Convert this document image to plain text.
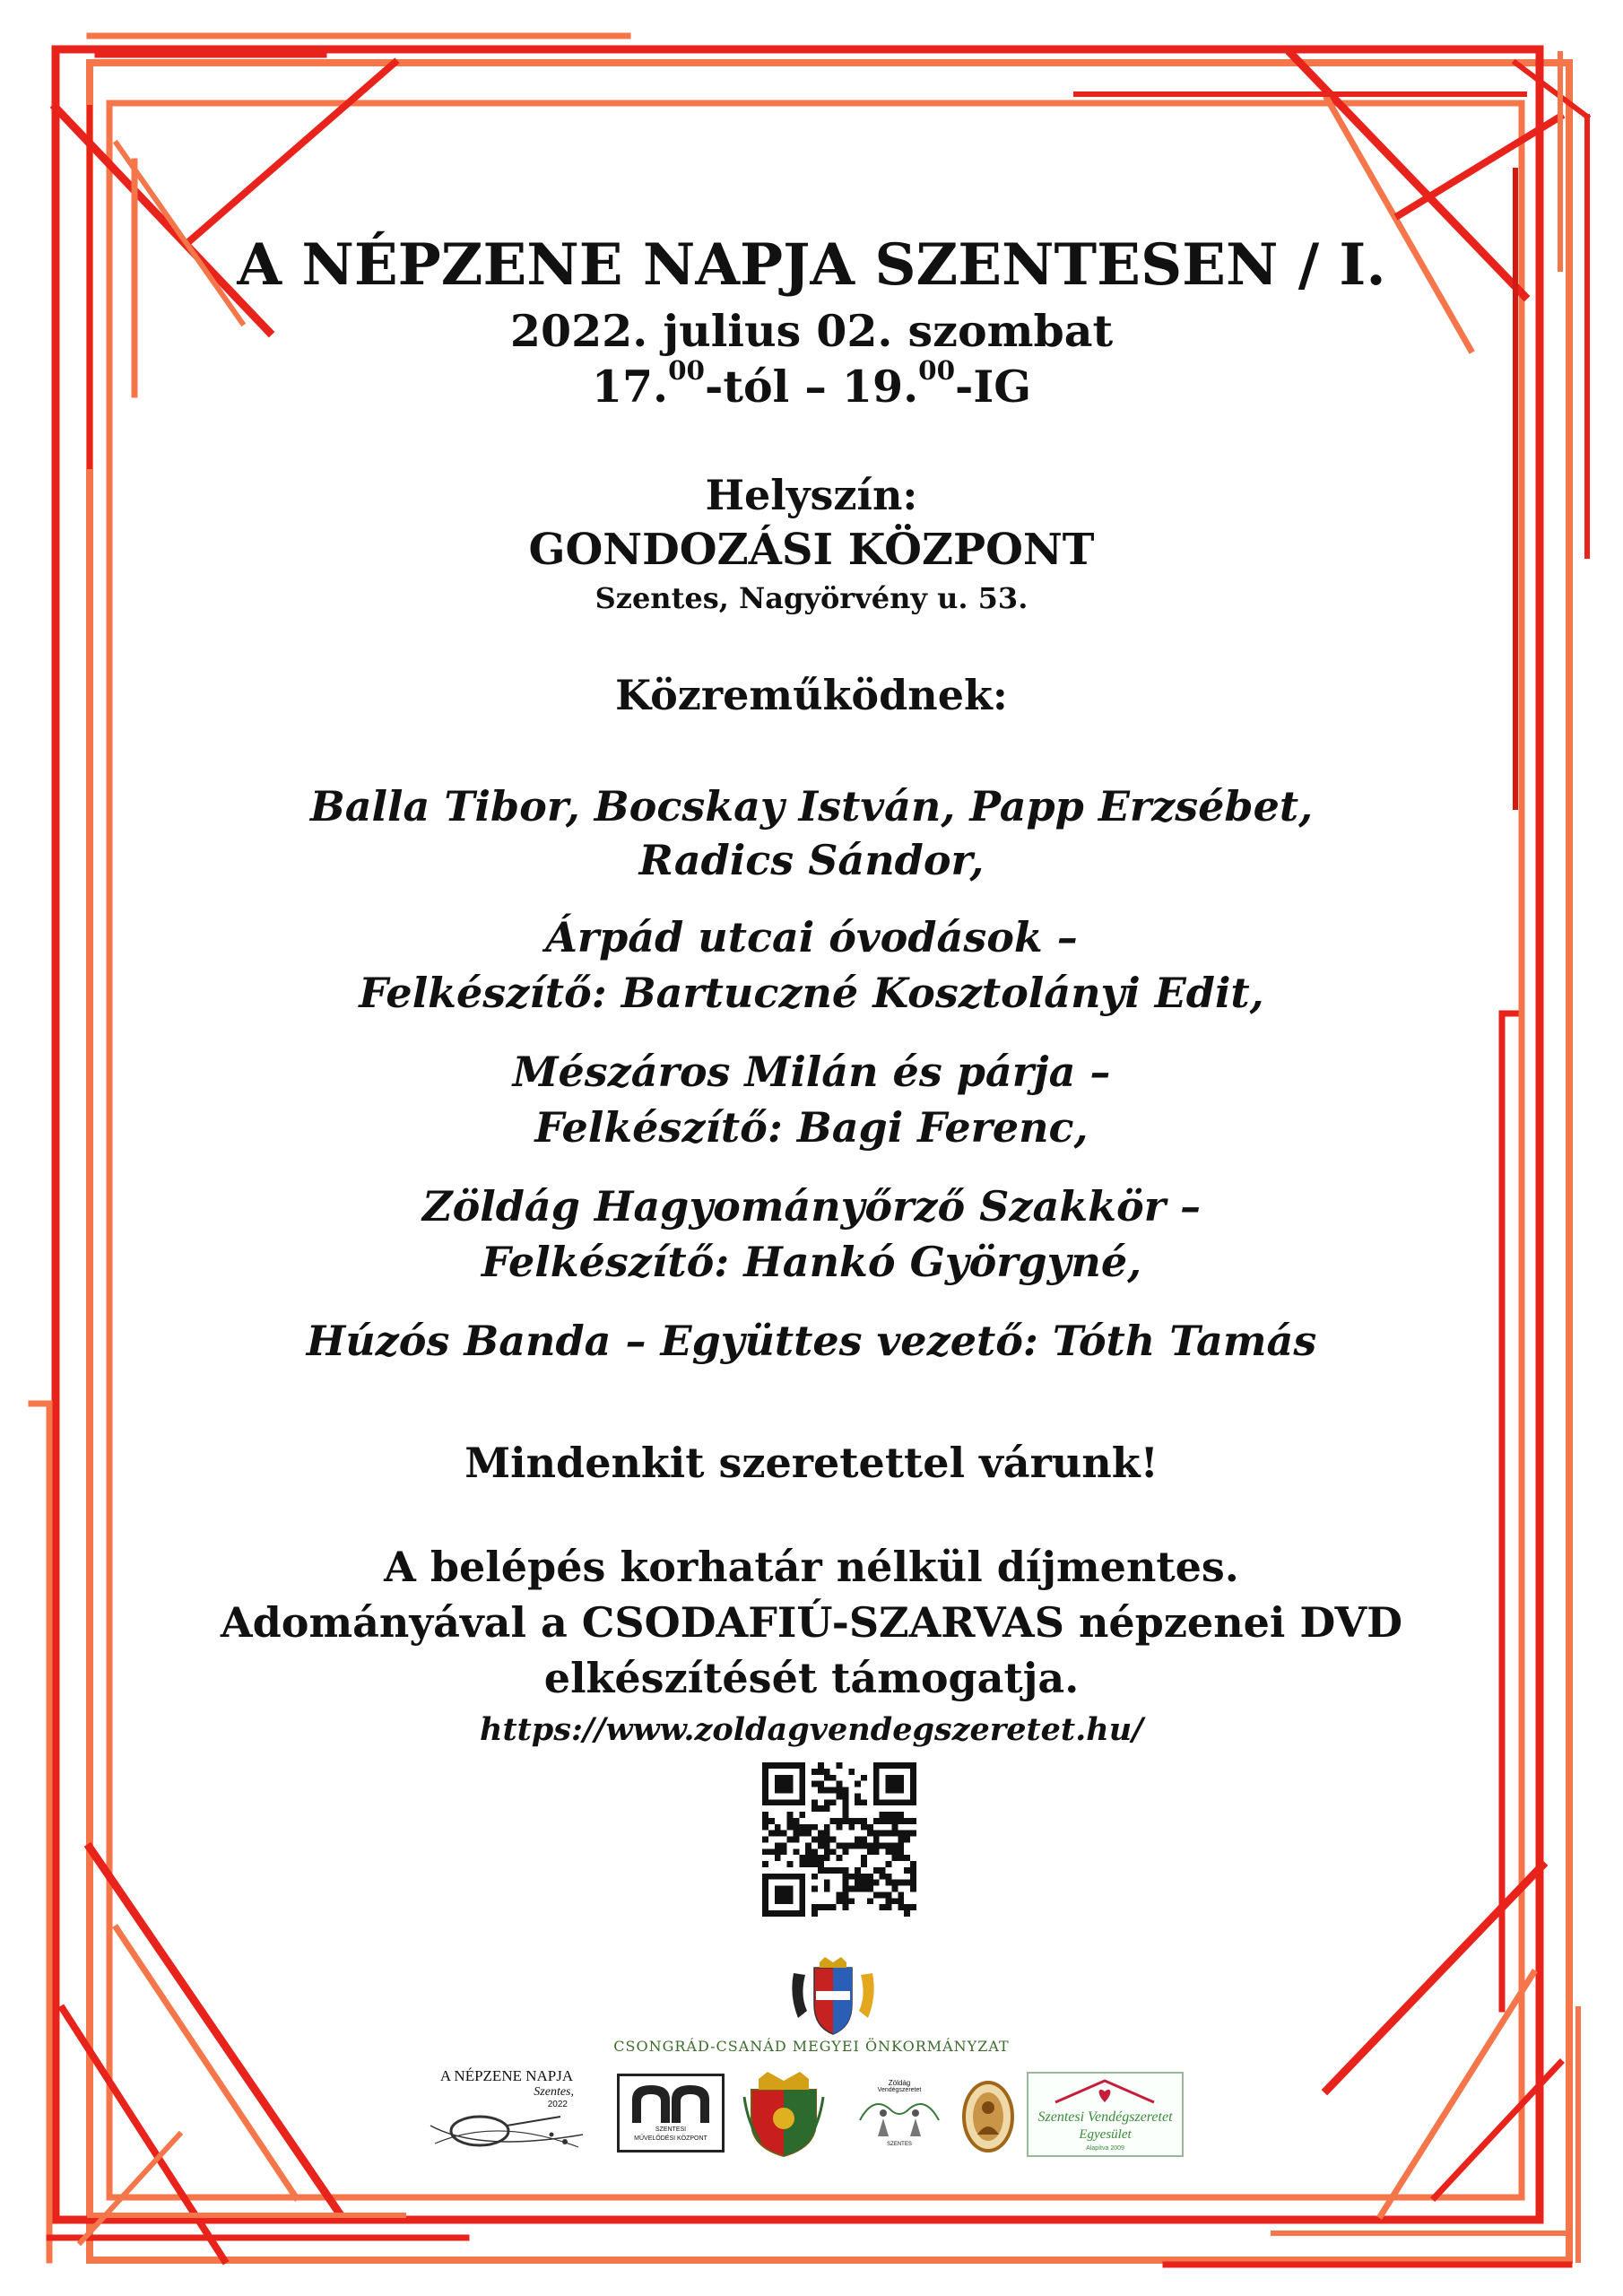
A NÉPZENE NAPJA SZENTESEN / I.
2022. julius 02. szombat
17.00-tól – 19.00-IG
Helyszín:
GONDOZÁSI KÖZPONT
Szentes, Nagyörvény u. 53.
Közreműködnek:
Balla Tibor, Bocskay István, Papp Erzsébet,
Radics Sándor,
Árpád utcai óvodások –
Felkészítő: Bartuczné Kosztolányi Edit,
Mészáros Milán és párja –
Felkészítő: Bagi Ferenc,
Zöldág Hagyományőrző Szakkör –
Felkészítő: Hankó Györgyné,
Húzós Banda – Együttes vezető: Tóth Tamás
Mindenkit szeretettel várunk!
A belépés korhatár nélkül díjmentes.
Adományával a CSODAFIÚ-SZARVAS népzenei DVD
elkészítését támogatja.
https://www.zoldagvendegszeretet.hu/
CSONGRÁD-CSANÁD MEGYEI ÖNKORMÁNYZAT
A NÉPZENE NAPJA
Szentes,
2022
SZENTESI
MŰVELŐDÉSI KÖZPONT
Zöldág
Vendégszeretet
SZENTES
Szentesi Vendégszeretet
Egyesület
Alapítva 2009
